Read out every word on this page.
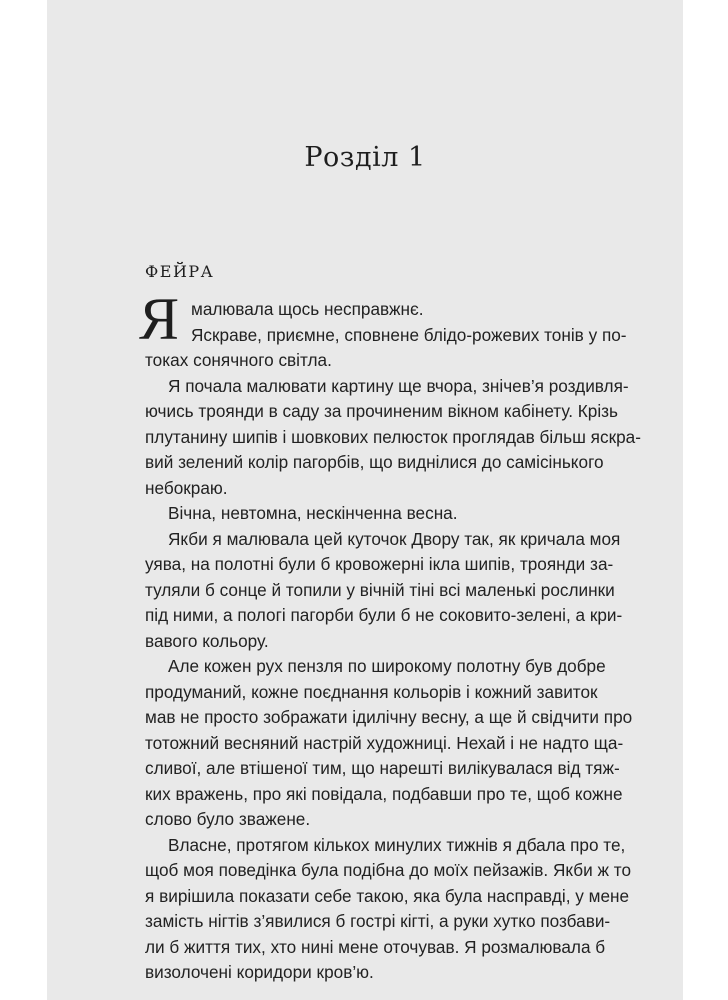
Розділ 1
ФЕЙРА
Я малювала щось несправжнє.
Яскраве, приємне, сповнене блідо-рожевих тонів у по-
токах сонячного світла.
Я почала малювати картину ще вчора, знічев’я роздивля-
ючись троянди в саду за прочиненим вікном кабінету. Крізь
плутанину шипів і шовкових пелюсток проглядав більш яскра-
вий зелений колір пагорбів, що виднілися до самісінького
небокраю.
Вічна, невтомна, нескінченна весна.
Якби я малювала цей куточок Двору так, як кричала моя
уява, на полотні були б кровожерні ікла шипів, троянди за-
туляли б сонце й топили у вічній тіні всі маленькі рослинки
під ними, а пологі пагорби були б не соковито-зелені, а кри-
вавого кольору.
Але кожен рух пензля по широкому полотну був добре
продуманий, кожне поєднання кольорів і кожний завиток
мав не просто зображати ідилічну весну, а ще й свідчити про
тотожний весняний настрій художниці. Нехай і не надто ща-
сливої, але втішеної тим, що нарешті вилікувалася від тяж-
ких вражень, про які повідала, подбавши про те, щоб кожне
слово було зважене.
Власне, протягом кількох минулих тижнів я дбала про те,
щоб моя поведінка була подібна до моїх пейзажів. Якби ж то
я вирішила показати себе такою, яка була насправді, у мене
замість нігтів з’явилися б гострі кігті, а руки хутко позбави-
ли б життя тих, хто нині мене оточував. Я розмалювала б
визолочені коридори кров’ю.
